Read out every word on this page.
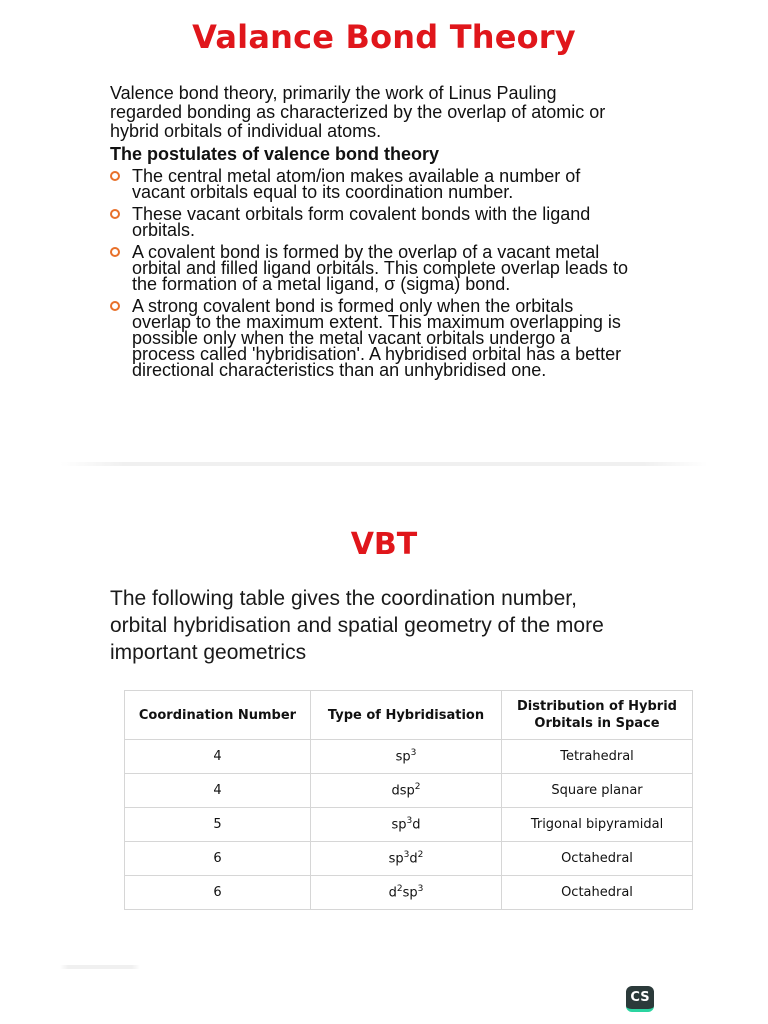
Valance Bond Theory
Valence bond theory, primarily the work of Linus Pauling
regarded bonding as characterized by the overlap of atomic or
hybrid orbitals of individual atoms.
The postulates of valence bond theory
The central metal atom/ion makes available a number of
vacant orbitals equal to its coordination number.
These vacant orbitals form covalent bonds with the ligand
orbitals.
A covalent bond is formed by the overlap of a vacant metal
orbital and filled ligand orbitals. This complete overlap leads to
the formation of a metal ligand, σ (sigma) bond.
A strong covalent bond is formed only when the orbitals
overlap to the maximum extent. This maximum overlapping is
possible only when the metal vacant orbitals undergo a
process called 'hybridisation'. A hybridised orbital has a better
directional characteristics than an unhybridised one.
VBT
The following table gives the coordination number,
orbital hybridisation and spatial geometry of the more
important geometrics
Coordination Number	Type of Hybridisation	Distribution of Hybrid
Orbitals in Space

4	$sp^3$	Tetrahedral
4	dsp$^2$	Square planar
5	$sp^3d$	Trigonal bipyramidal
6	$sp^3d^2$	Octahedral
6	$d^2sp^3$	Octahedral
CS
